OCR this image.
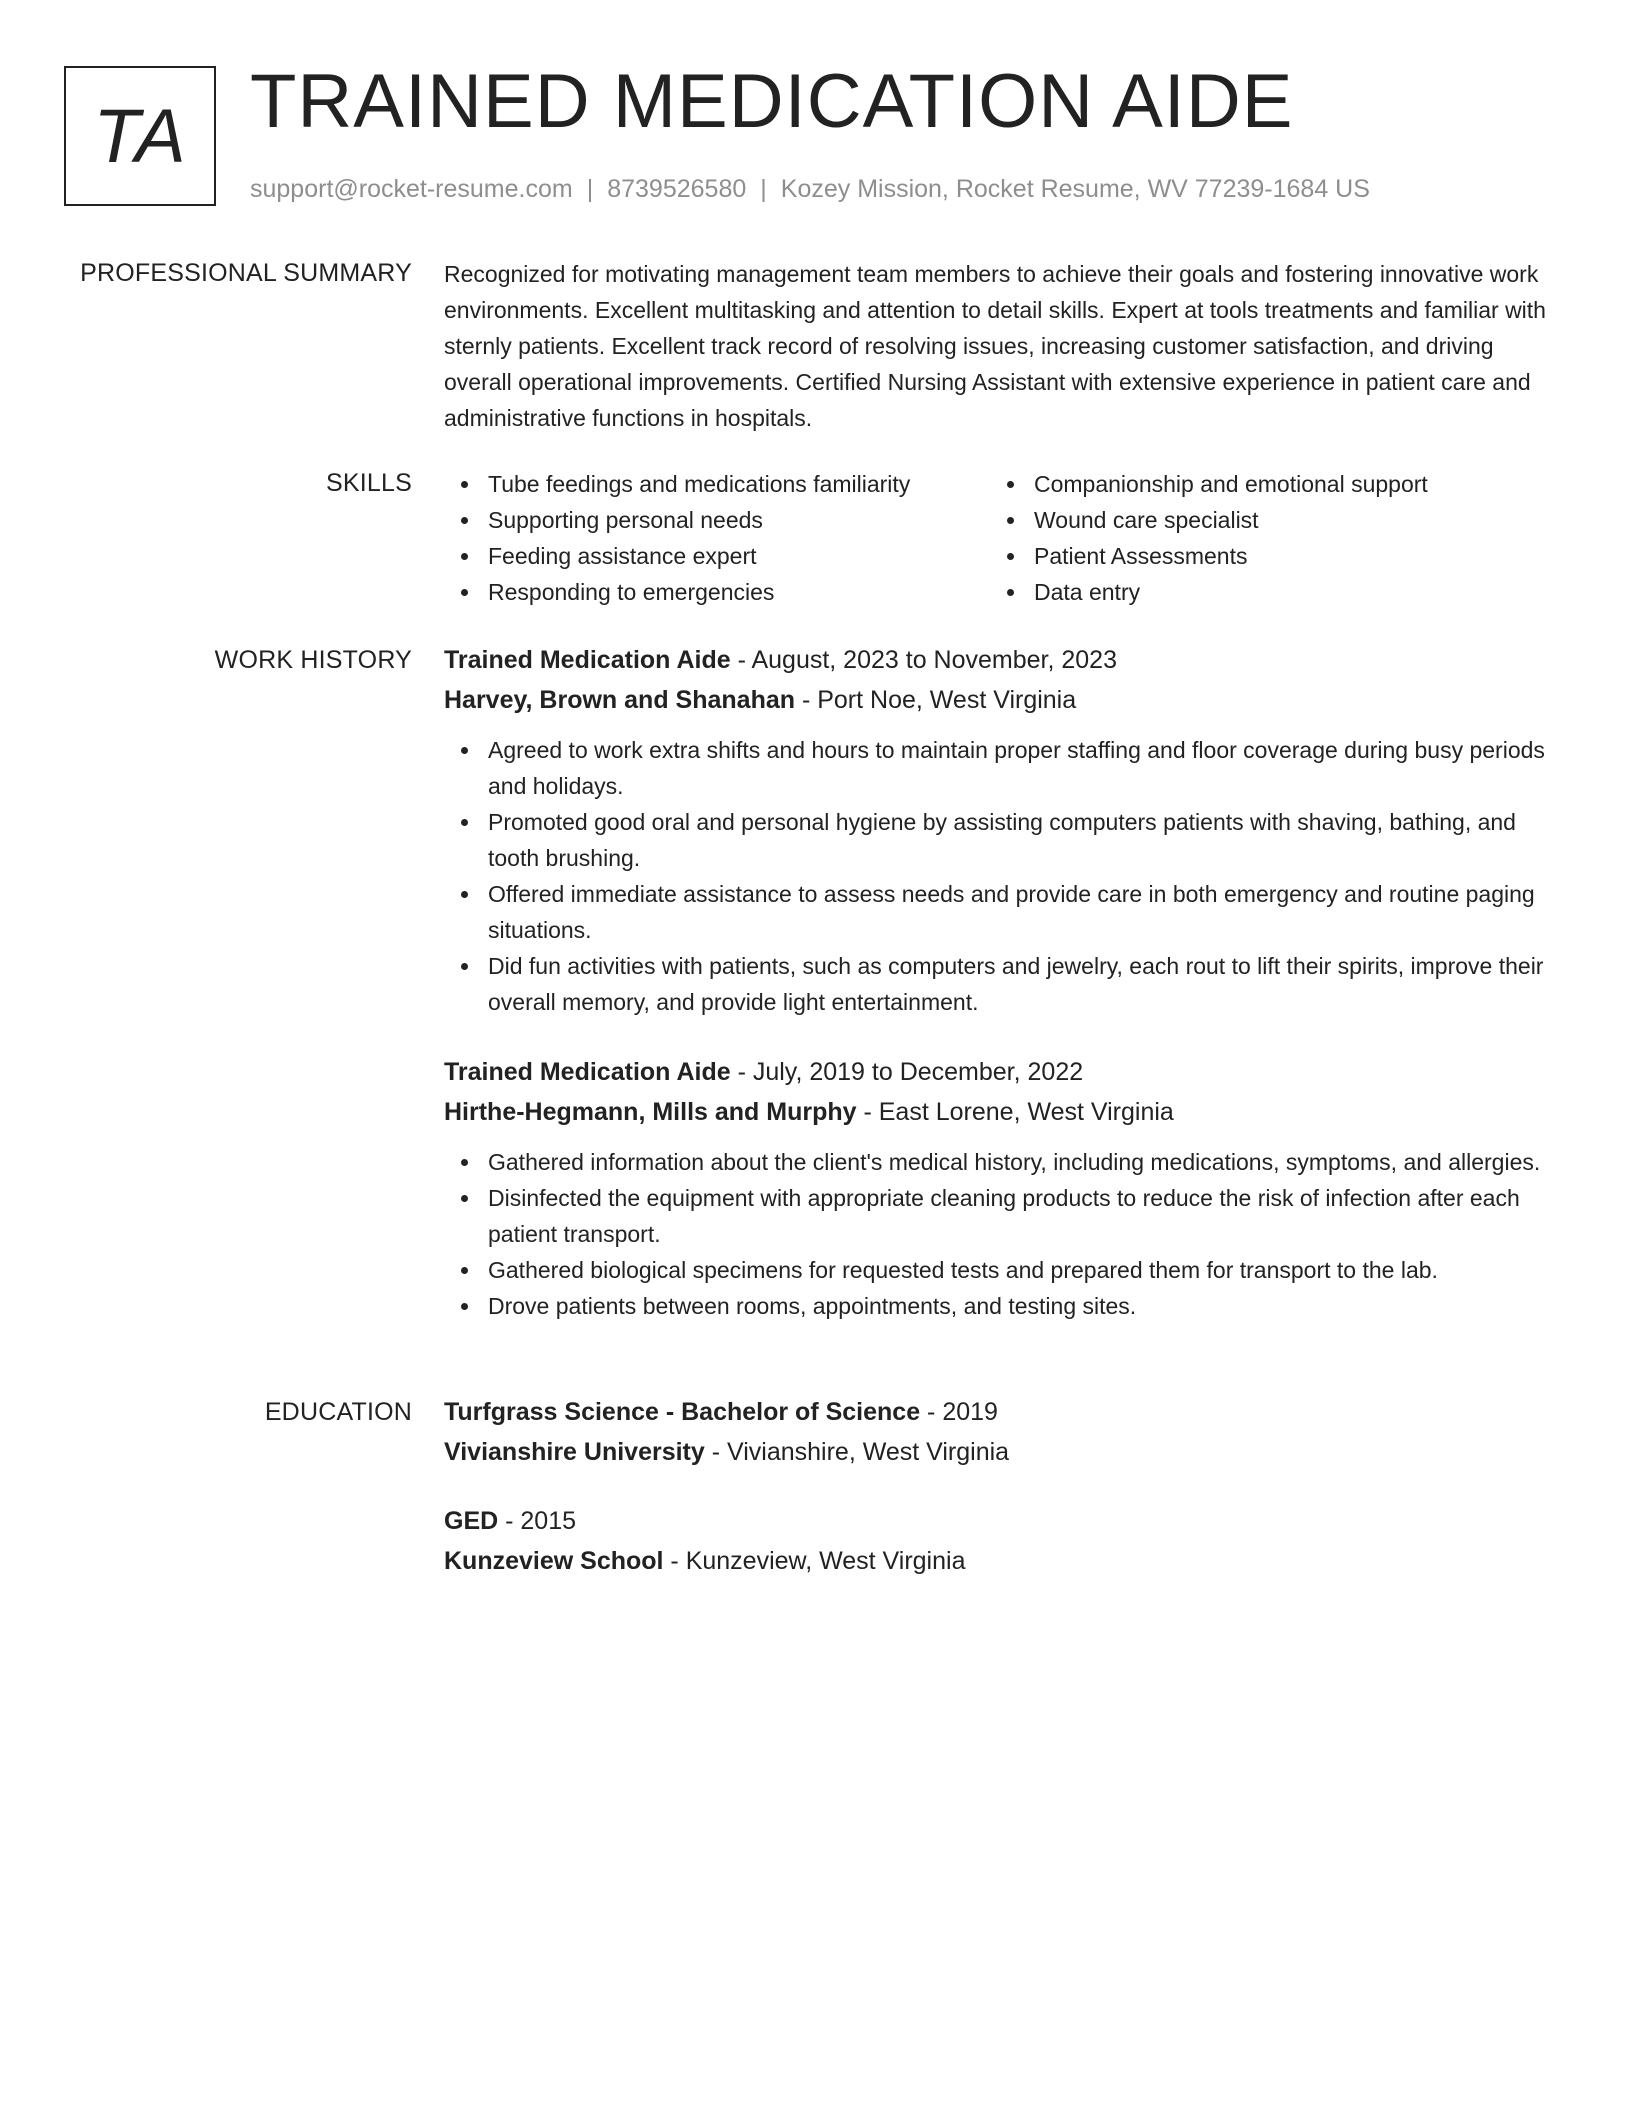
TA TRAINED MEDICATION AIDE
support@rocket-resume.com | 8739526580 | Kozey Mission, Rocket Resume, WV 77239-1684 US
PROFESSIONAL SUMMARY Recognized for motivating management team members to achieve their goals and fostering innovative work environments. Excellent multitasking and attention to detail skills. Expert at tools treatments and familiar with sternly patients. Excellent track record of resolving issues, increasing customer satisfaction, and driving overall operational improvements. Certified Nursing Assistant with extensive experience in patient care and administrative functions in hospitals.

SKILLS	Tube feedings and medications familiarity
Supporting personal needs
Feeding assistance expert
Responding to emergencies
Companionship and emotional support
Wound care specialist
Patient Assessments
Data entry
WORK HISTORY Trained Medication Aide - August, 2023 to November, 2023
Harvey, Brown and Shanahan - Port Noe, West Virginia
Agreed to work extra shifts and hours to maintain proper staffing and floor coverage during busy periods and holidays.
Promoted good oral and personal hygiene by assisting computers patients with shaving, bathing, and tooth brushing.
Offered immediate assistance to assess needs and provide care in both emergency and routine paging situations.
Did fun activities with patients, such as computers and jewelry, each rout to lift their spirits, improve their overall memory, and provide light entertainment.
Trained Medication Aide - July, 2019 to December, 2022
Hirthe-Hegmann, Mills and Murphy - East Lorene, West Virginia
Gathered information about the client's medical history, including medications, symptoms, and allergies.
Disinfected the equipment with appropriate cleaning products to reduce the risk of infection after each patient transport.
Gathered biological specimens for requested tests and prepared them for transport to the lab.
Drove patients between rooms, appointments, and testing sites.
EDUCATION Turfgrass Science - Bachelor of Science - 2019
Vivianshire University - Vivianshire, West Virginia
GED - 2015
Kunzeview School - Kunzeview, West Virginia
